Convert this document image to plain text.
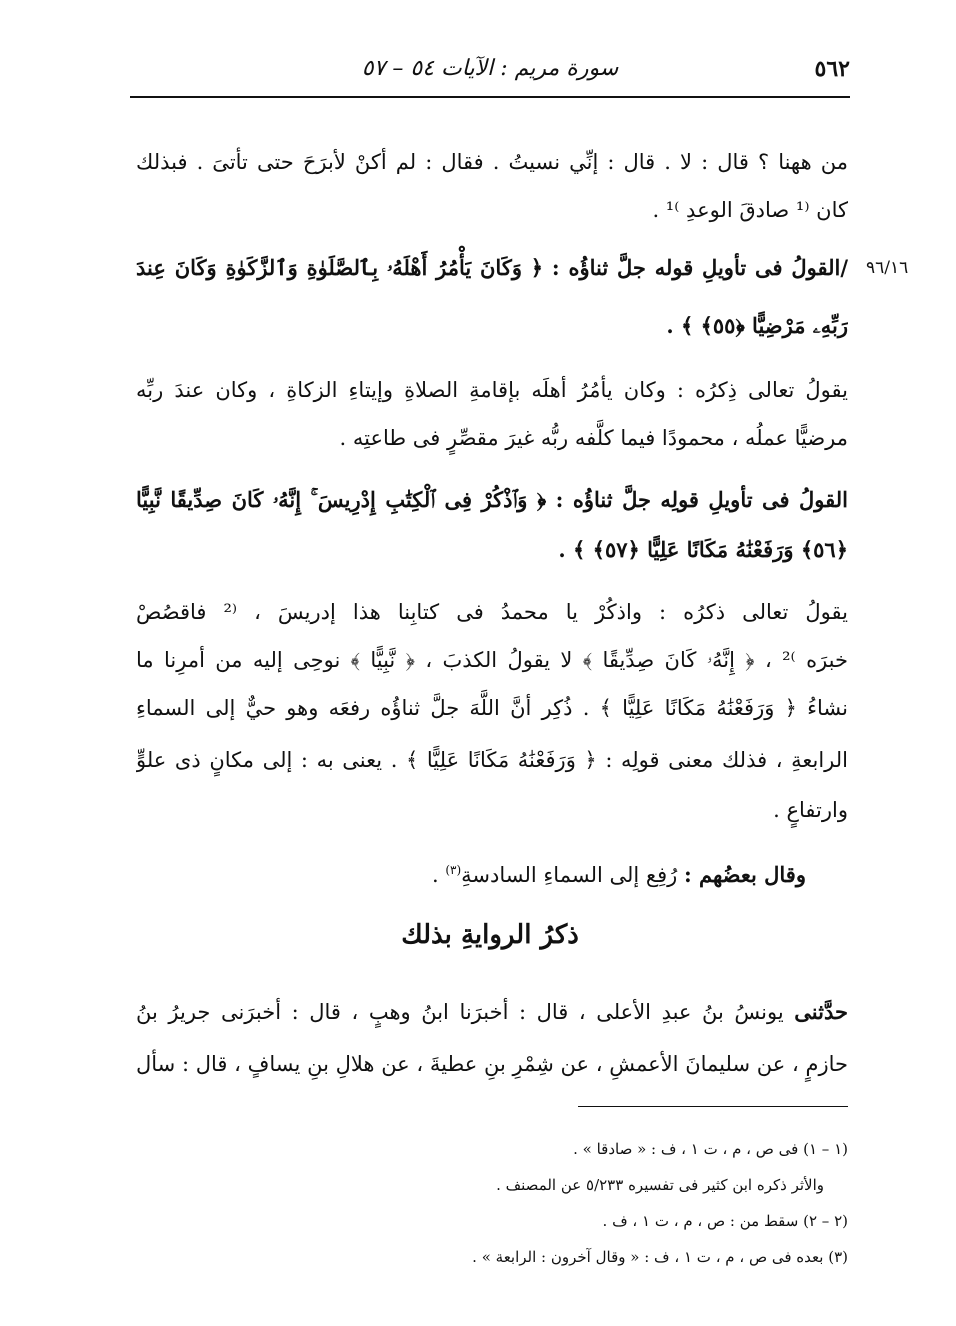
٥٦٢
سورة مريم : الآيات ٥٤ – ٥٧
٩٦/١٦
من ههنا ؟ قال : لا . قال : إنِّي نسيتُ . فقال : لم أكنْ لأبرَحَ حتى تأتىَ . فبذلك
كان ⁽¹ صادقَ الوعدِ ⁾¹ .
/القولُ فى تأويلِ قوله جلَّ ثناؤُه : ﴿ وَكَانَ يَأْمُرُ أَهْلَهُۥ بِٱلصَّلَوٰةِ وَٱلزَّكَوٰةِ وَكَانَ عِندَ
رَبِّهِۦ مَرْضِيًّا ﴿٥٥﴾ ﴾ .
يقولُ تعالى ذِكرُه : وكان يأمُرُ أهلَه بإقامةِ الصلاةِ وإيتاءِ الزكاةِ ، وكان عندَ ربِّه
مرضيًّا عملُه ، محمودًا فيما كلَّفه ربُّه غيرَ مقصِّرٍ فى طاعتِه .
القولُ فى تأويلِ قولِه جلَّ ثناؤُه : ﴿ وَٱذْكُرْ فِى ٱلْكِتَٰبِ إِدْرِيسَ ۚ إِنَّهُۥ كَانَ صِدِّيقًا نَّبِيًّا
﴿٥٦﴾ وَرَفَعْنَٰهُ مَكَانًا عَلِيًّا ﴿٥٧﴾ ﴾ .
يقولُ تعالى ذكرُه : واذكُرْ يا محمدُ فى كتابِنا هذا إدريسَ ، ⁽² فاقصُصْ
خبرَه ⁾² ، ﴿ إِنَّهُۥ كَانَ صِدِّيقًا ﴾ لا يقولُ الكذبَ ، ﴿ نَّبِيًّا ﴾ نوحِى إليه من أمرِنا ما
نشاءُ ﴿ وَرَفَعْنَٰهُ مَكَانًا عَلِيًّا ﴾ . ذُكِر أنَّ اللَّهَ جلَّ ثناؤُه رفعَه وهو حيٌّ إلى السماءِ
الرابعةِ ، فذلك معنى قولِه : ﴿ وَرَفَعْنَٰهُ مَكَانًا عَلِيًّا ﴾ . يعنى به : إلى مكانٍ ذى علوٍّ
وارتفاعٍ .
وقال بعضُهم : رُفِع إلى السماءِ السادسةِ$^{(٣)}$ .
ذكرُ الروايةِ بذلك
حدَّثنى يونسُ بنُ عبدِ الأعلى ، قال : أخبرَنا ابنُ وهبٍ ، قال : أخبرَنى جريرُ بنُ
حازمٍ ، عن سليمانَ الأعمشِ ، عن شِمْرِ بنِ عطيةَ ، عن هلالِ بنِ يسافٍ ، قال : سأل
(١ – ١) فى ص ، م ، ت ١ ، ف : « صادقا » .
والأثر ذكره ابن كثير فى تفسيره ٥/٢٣٣ عن المصنف .
(٢ – ٢) سقط من : ص ، م ، ت ١ ، ف .
(٣) بعده فى ص ، م ، ت ١ ، ف : « وقال آخرون : الرابعة » .
